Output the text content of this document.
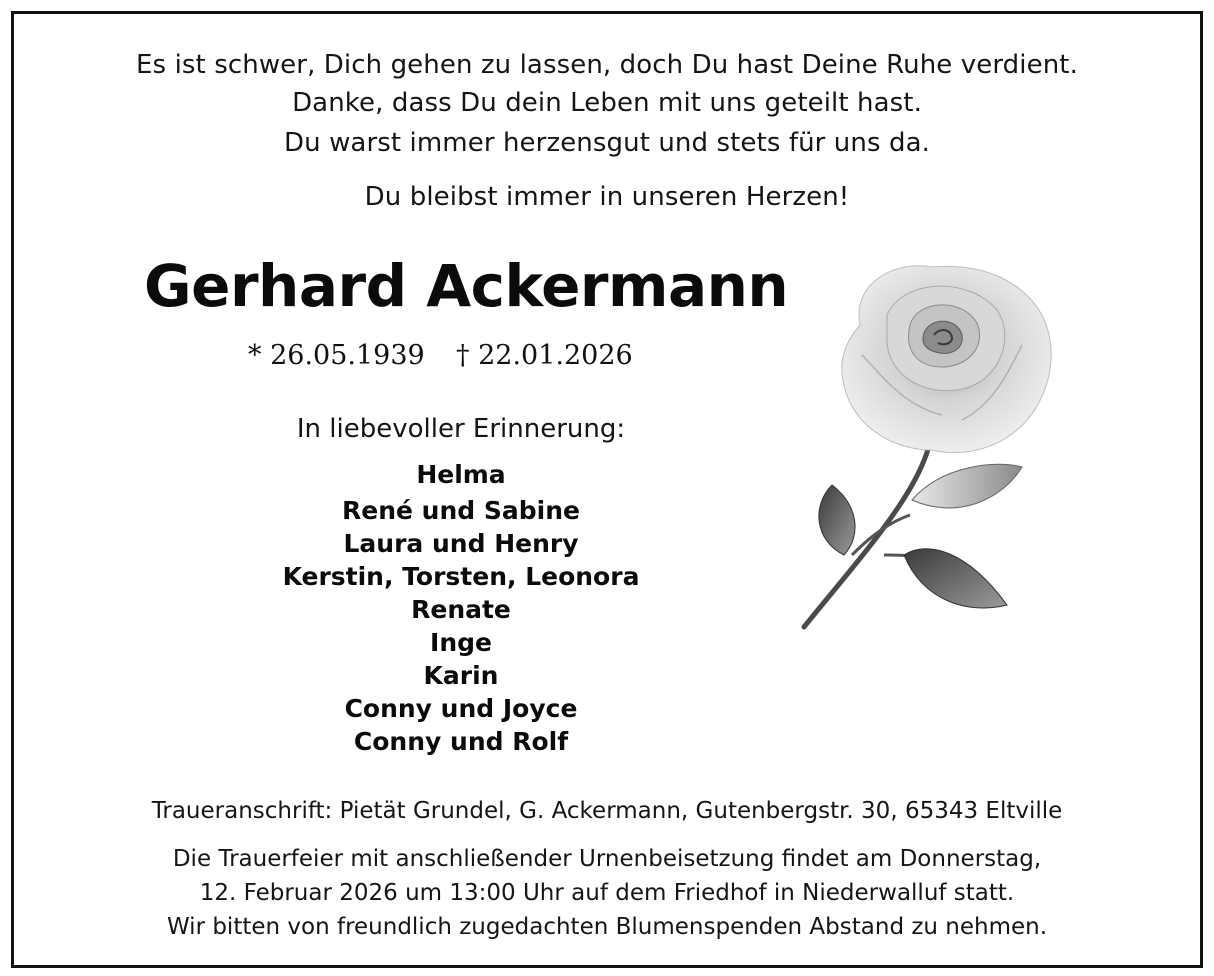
Es ist schwer, Dich gehen zu lassen, doch Du hast Deine Ruhe verdient.
Danke, dass Du dein Leben mit uns geteilt hast.
Du warst immer herzensgut und stets für uns da.
Du bleibst immer in unseren Herzen!
Gerhard Ackermann
* 26.05.1939 † 22.01.2026
In liebevoller Erinnerung:
Helma
René und Sabine
Laura und Henry
Kerstin, Torsten, Leonora
Renate
Inge
Karin
Conny und Joyce
Conny und Rolf
Traueranschrift: Pietät Grundel, G. Ackermann, Gutenbergstr. 30, 65343 Eltville
Die Trauerfeier mit anschließender Urnenbeisetzung findet am Donnerstag,
12. Februar 2026 um 13:00 Uhr auf dem Friedhof in Niederwalluf statt.
Wir bitten von freundlich zugedachten Blumenspenden Abstand zu nehmen.
